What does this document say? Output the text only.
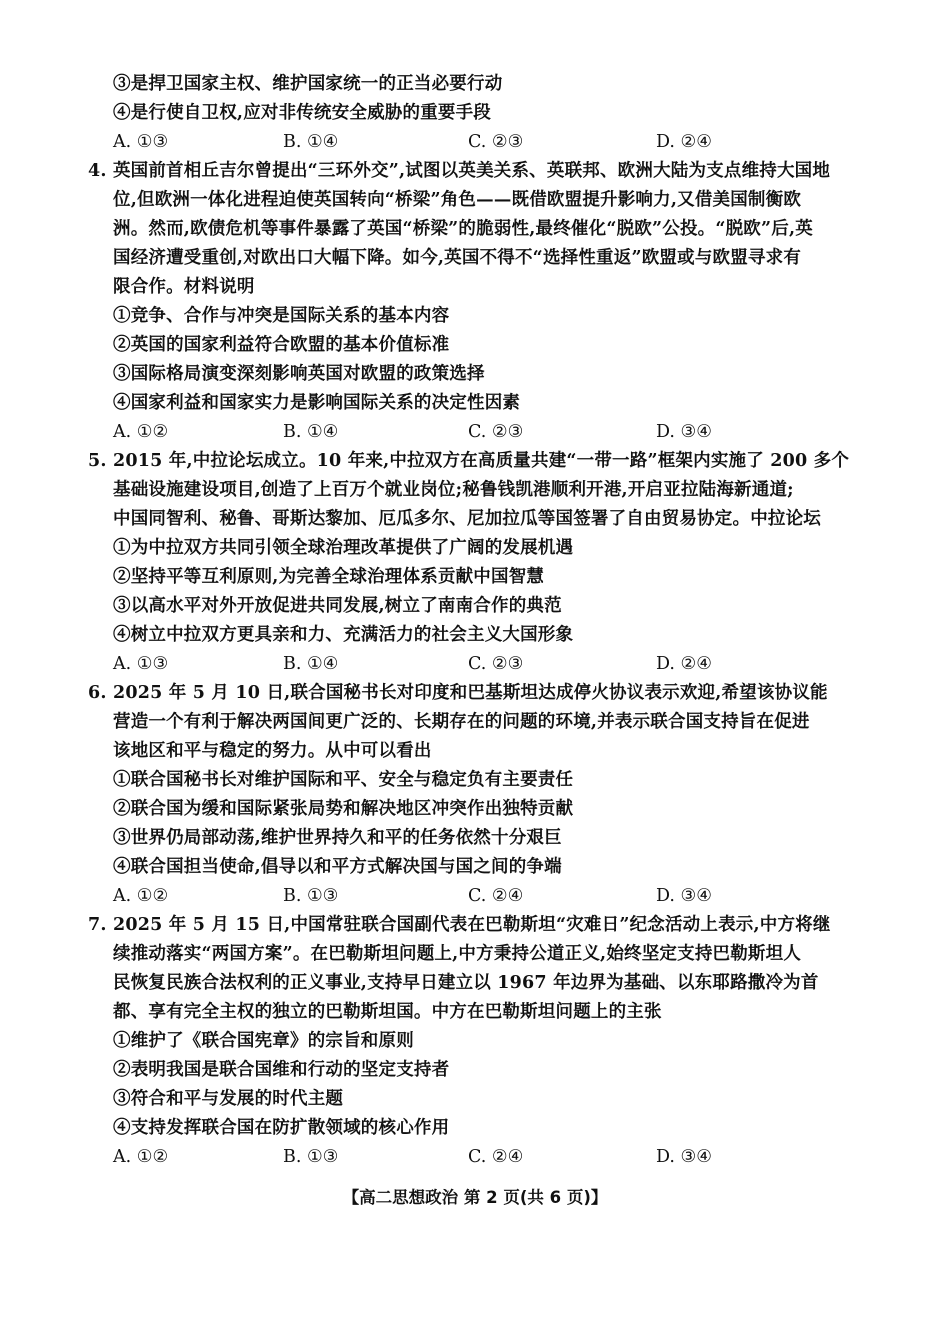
③是捍卫国家主权、维护国家统一的正当必要行动
④是行使自卫权,应对非传统安全威胁的重要手段
A. ①③	B. ①④	C. ②③	D. ②④
4. 英国前首相丘吉尔曾提出“三环外交”,试图以英美关系、英联邦、欧洲大陆为支点维持大国地
位,但欧洲一体化进程迫使英国转向“桥梁”角色——既借欧盟提升影响力,又借美国制衡欧
洲。然而,欧债危机等事件暴露了英国“桥梁”的脆弱性,最终催化“脱欧”公投。“脱欧”后,英
国经济遭受重创,对欧出口大幅下降。如今,英国不得不“选择性重返”欧盟或与欧盟寻求有
限合作。材料说明
①竞争、合作与冲突是国际关系的基本内容
②英国的国家利益符合欧盟的基本价值标准
③国际格局演变深刻影响英国对欧盟的政策选择
④国家利益和国家实力是影响国际关系的决定性因素
A. ①②	B. ①④	C. ②③	D. ③④
5. 2015 年,中拉论坛成立。10 年来,中拉双方在高质量共建“一带一路”框架内实施了 200 多个
基础设施建设项目,创造了上百万个就业岗位;秘鲁钱凯港顺利开港,开启亚拉陆海新通道;
中国同智利、秘鲁、哥斯达黎加、厄瓜多尔、尼加拉瓜等国签署了自由贸易协定。中拉论坛
①为中拉双方共同引领全球治理改革提供了广阔的发展机遇
②坚持平等互利原则,为完善全球治理体系贡献中国智慧
③以高水平对外开放促进共同发展,树立了南南合作的典范
④树立中拉双方更具亲和力、充满活力的社会主义大国形象
A. ①③	B. ①④	C. ②③	D. ②④
6. 2025 年 5 月 10 日,联合国秘书长对印度和巴基斯坦达成停火协议表示欢迎,希望该协议能
营造一个有利于解决两国间更广泛的、长期存在的问题的环境,并表示联合国支持旨在促进
该地区和平与稳定的努力。从中可以看出
①联合国秘书长对维护国际和平、安全与稳定负有主要责任
②联合国为缓和国际紧张局势和解决地区冲突作出独特贡献
③世界仍局部动荡,维护世界持久和平的任务依然十分艰巨
④联合国担当使命,倡导以和平方式解决国与国之间的争端
A. ①②	B. ①③	C. ②④	D. ③④
7. 2025 年 5 月 15 日,中国常驻联合国副代表在巴勒斯坦“灾难日”纪念活动上表示,中方将继
续推动落实“两国方案”。在巴勒斯坦问题上,中方秉持公道正义,始终坚定支持巴勒斯坦人
民恢复民族合法权利的正义事业,支持早日建立以 1967 年边界为基础、以东耶路撒冷为首
都、享有完全主权的独立的巴勒斯坦国。中方在巴勒斯坦问题上的主张
①维护了《联合国宪章》的宗旨和原则
②表明我国是联合国维和行动的坚定支持者
③符合和平与发展的时代主题
④支持发挥联合国在防扩散领域的核心作用
A. ①②	B. ①③	C. ②④	D. ③④
【高二思想政治 第 2 页(共 6 页)】
